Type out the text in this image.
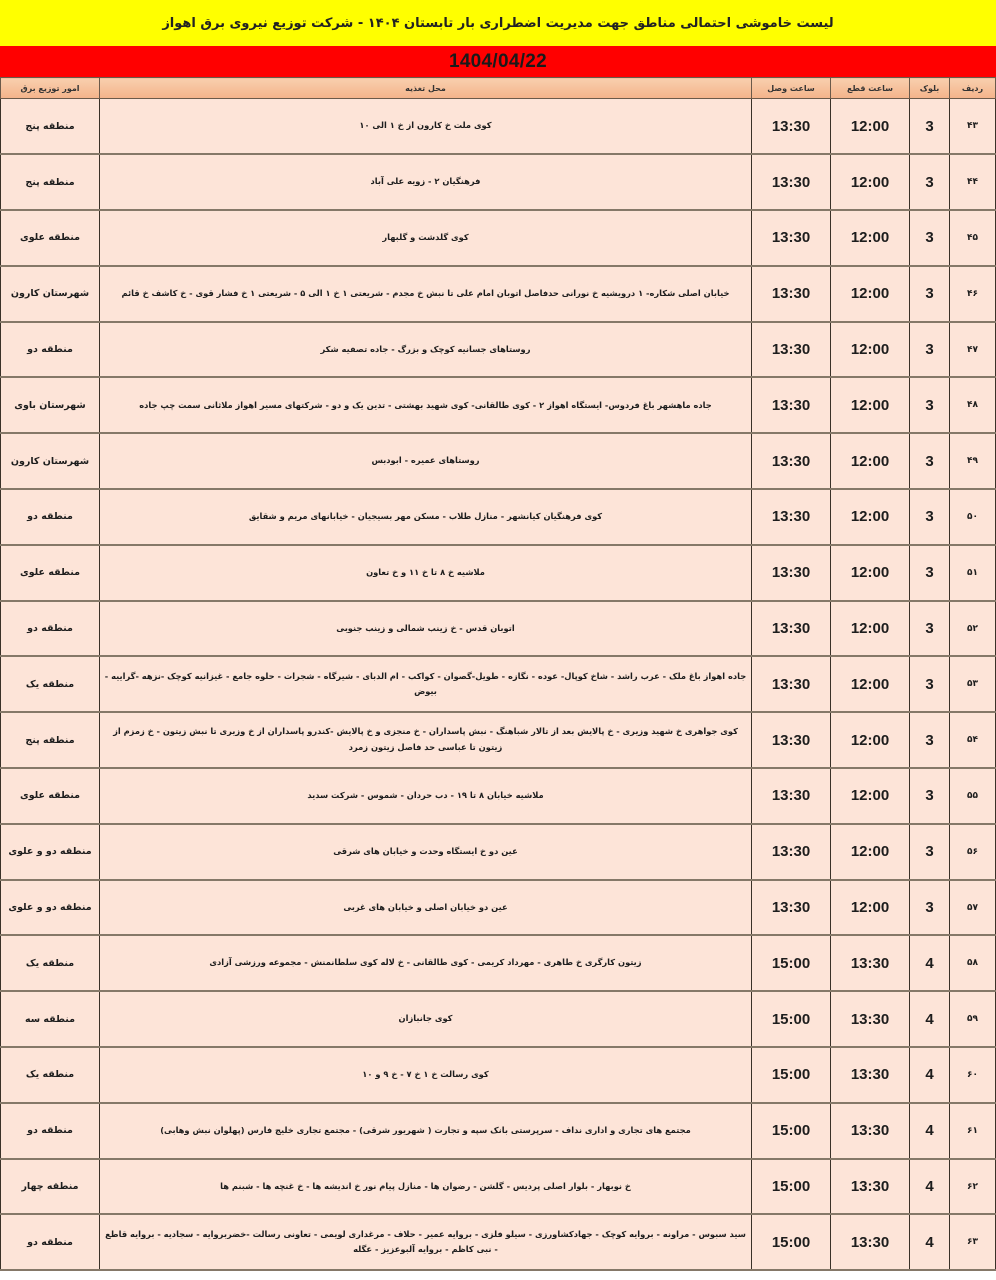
لیست خاموشی احتمالی مناطق جهت مدیریت اضطراری بار تابستان ۱۴۰۴ - شرکت توزیع نیروی برق اهواز
1404/04/22
ردیف	بلوک	ساعت قطع	ساعت وصل	محل تغذیه	امور توزیع برق
۴۳	3	12:00	13:30	کوی ملت خ کارون از خ ۱ الی ۱۰	منطقه پنج
۴۴	3	12:00	13:30	فرهنگیان ۲ - زویه علی آباد	منطقه پنج
۴۵	3	12:00	13:30	کوی گلدشت و گلبهار	منطقه علوی
۴۶	3	12:00	13:30	خیابان اصلی شکاره- ۱ درویشیه خ نورانی حدفاصل اتوبان امام علی تا نبش خ مجدم - شریعتی ۱ خ ۱ الی ۵ - شریعتی ۱ خ فشار قوی - خ کاشف خ قائم	شهرستان کارون
۴۷	3	12:00	13:30	روستاهای جسانیه کوچک و بزرگ - جاده تصفیه شکر	منطقه دو
۴۸	3	12:00	13:30	جاده ماهشهر باغ فردوس- ایستگاه اهواز ۲ - کوی طالقانی- کوی شهید بهشتی - تدین یک و دو - شرکتهای مسیر اهواز ملاثانی سمت چپ جاده	شهرستان باوی
۴۹	3	12:00	13:30	روستاهای عمیره - ابودبس	شهرستان کارون
۵۰	3	12:00	13:30	کوی فرهنگیان کیانشهر - منازل طلاب - مسکن مهر بسیجیان - خیابانهای مریم و شقایق	منطقه دو
۵۱	3	12:00	13:30	ملاشیه خ ۸ تا خ ۱۱ و خ تعاون	منطقه علوی
۵۲	3	12:00	13:30	اتوبان قدس - خ زینب شمالی و زینب جنوبی	منطقه دو
۵۳	3	12:00	13:30	جاده اهواز باغ ملک - عرب راشد - شاخ کوپال- عوده - نگازه - طویل-گصوان - کواکب - ام الدبای - شیرگاه - شجرات - حلوه جامع - غیزانیه کوچک -نزهه -گراییه - بیوض	منطقه یک
۵۴	3	12:00	13:30	کوی جواهری خ شهید وزیری - خ پالایش بعد از تالار شباهنگ - نبش پاسداران - خ منجزی و خ پالایش -کندرو پاسداران از خ وزیری تا نبش زیتون - خ زمزم از زیتون تا عباسی حد فاصل زیتون زمرد	منطقه پنج
۵۵	3	12:00	13:30	ملاشیه خیابان ۸ تا ۱۹ - دب حردان - شموس - شرکت سدید	منطقه علوی
۵۶	3	12:00	13:30	عین دو خ ایستگاه وحدت و خیابان های شرقی	منطقه دو و علوی
۵۷	3	12:00	13:30	عین دو خیابان اصلی و خیابان های غربی	منطقه دو و علوی
۵۸	4	13:30	15:00	زیتون کارگری خ طاهری - مهرداد کریمی - کوی طالقانی - خ لاله کوی سلطانمنش - مجموعه ورزشی آزادی	منطقه یک
۵۹	4	13:30	15:00	کوی جانبازان	منطقه سه
۶۰	4	13:30	15:00	کوی رسالت خ ۱ خ ۷ - خ ۹ و ۱۰	منطقه یک
۶۱	4	13:30	15:00	مجتمع های تجاری و اداری نداف - سرپرستی بانک سپه و تجارت ( شهریور شرقی) - مجتمع تجاری خلیج فارس (پهلوان نبش وهابی)	منطقه دو
۶۲	4	13:30	15:00	خ نوبهار - بلوار اصلی پردیس - گلشن - رضوان ها - منازل پیام نور خ اندیشه ها - خ غنچه ها - شبنم ها	منطقه چهار
۶۳	4	13:30	15:00	سید سبوس - مراونه - بروایه کوچک - جهادکشاورزی - سیلو فلزی - بروایه عمیر - حلاف - مرغداری لویمی - تعاونی رسالت -خضربروایه - سجادیه - بروایه قاطع - نبی کاظم - بروایه آلبوعزیز - عگله	منطقه دو
